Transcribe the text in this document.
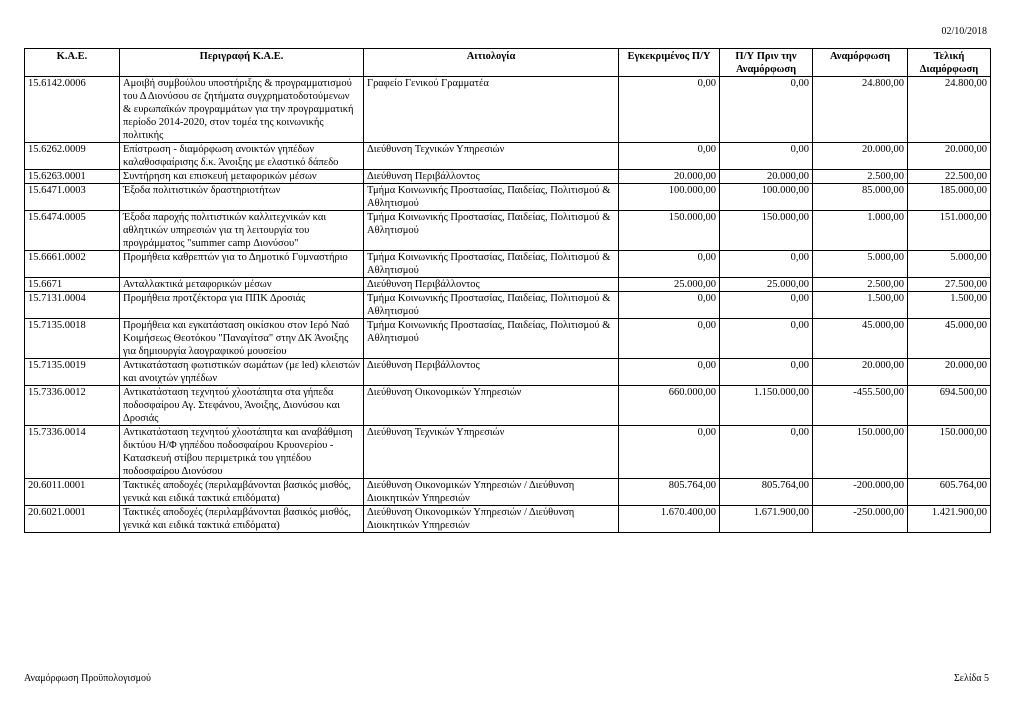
02/10/2018
Κ.Α.Ε.	Περιγραφή Κ.Α.Ε.	Αιτιολογία	Εγκεκριμένος Π/Υ	Π/Υ Πριν την Αναμόρφωση	Αναμόρφωση	Τελική Διαμόρφωση
15.6142.0006	Αμοιβή συμβούλου υποστήριξης & προγραμματισμού του Δ Διονύσου σε ζητήματα συγχρηματοδοτούμενων & ευρωπαϊκών προγραμμάτων για την προγραμματική περίοδο 2014-2020, στον τομέα της κοινωνικής πολιτικής	Γραφείο Γενικού Γραμματέα	0,00	0,00	24.800,00	24.800,00
15.6262.0009	Επίστρωση - διαμόρφωση ανοικτών γηπέδων καλαθοσφαίρισης δ.κ. Άνοιξης με ελαστικό δάπεδο	Διεύθυνση Τεχνικών Υπηρεσιών	0,00	0,00	20.000,00	20.000,00
15.6263.0001	Συντήρηση και επισκευή μεταφορικών μέσων	Διεύθυνση Περιβάλλοντος	20.000,00	20.000,00	2.500,00	22.500,00
15.6471.0003	Έξοδα πολιτιστικών δραστηριοτήτων	Τμήμα Κοινωνικής Προστασίας, Παιδείας, Πολιτισμού & Αθλητισμού	100.000,00	100.000,00	85.000,00	185.000,00
15.6474.0005	Έξοδα παροχής πολιτιστικών καλλιτεχνικών και αθλητικών υπηρεσιών για τη λειτουργία του προγράμματος "summer camp Διονύσου"	Τμήμα Κοινωνικής Προστασίας, Παιδείας, Πολιτισμού & Αθλητισμού	150.000,00	150.000,00	1.000,00	151.000,00
15.6661.0002	Προμήθεια καθρεπτών για το Δημοτικό Γυμναστήριο	Τμήμα Κοινωνικής Προστασίας, Παιδείας, Πολιτισμού & Αθλητισμού	0,00	0,00	5.000,00	5.000,00
15.6671	Ανταλλακτικά μεταφορικών μέσων	Διεύθυνση Περιβάλλοντος	25.000,00	25.000,00	2.500,00	27.500,00
15.7131.0004	Προμήθεια προτζέκτορα για ΠΠΚ Δροσιάς	Τμήμα Κοινωνικής Προστασίας, Παιδείας, Πολιτισμού & Αθλητισμού	0,00	0,00	1.500,00	1.500,00
15.7135.0018	Προμήθεια και εγκατάσταση οικίσκου στον Ιερό Ναό Κοιμήσεως Θεοτόκου "Παναγίτσα" στην ΔΚ Άνοιξης για δημιουργία λαογραφικού μουσείου	Τμήμα Κοινωνικής Προστασίας, Παιδείας, Πολιτισμού & Αθλητισμού	0,00	0,00	45.000,00	45.000,00
15.7135.0019	Αντικατάσταση φωτιστικών σωμάτων (με led) κλειστών και ανοιχτών γηπέδων	Διεύθυνση Περιβάλλοντος	0,00	0,00	20.000,00	20.000,00
15.7336.0012	Αντικατάσταση τεχνητού χλοοτάπητα στα γήπεδα ποδοσφαίρου Αγ. Στεφάνου, Άνοιξης, Διονύσου και Δροσιάς	Διεύθυνση Οικονομικών Υπηρεσιών	660.000,00	1.150.000,00	-455.500,00	694.500,00
15.7336.0014	Αντικατάσταση τεχνητού χλοοτάπητα και αναβάθμιση δικτύου Η/Φ γηπέδου ποδοσφαίρου Κρυονερίου - Κατασκευή στίβου περιμετρικά του γηπέδου ποδοσφαίρου Διονύσου	Διεύθυνση Τεχνικών Υπηρεσιών	0,00	0,00	150.000,00	150.000,00
20.6011.0001	Τακτικές αποδοχές (περιλαμβάνονται βασικός μισθός, γενικά και ειδικά τακτικά επιδόματα)	Διεύθυνση Οικονομικών Υπηρεσιών / Διεύθυνση Διοικητικών Υπηρεσιών	805.764,00	805.764,00	-200.000,00	605.764,00
20.6021.0001	Τακτικές αποδοχές (περιλαμβάνονται βασικός μισθός, γενικά και ειδικά τακτικά επιδόματα)	Διεύθυνση Οικονομικών Υπηρεσιών / Διεύθυνση Διοικητικών Υπηρεσιών	1.670.400,00	1.671.900,00	-250.000,00	1.421.900,00
Αναμόρφωση Προϋπολογισμού	Σελίδα 5
